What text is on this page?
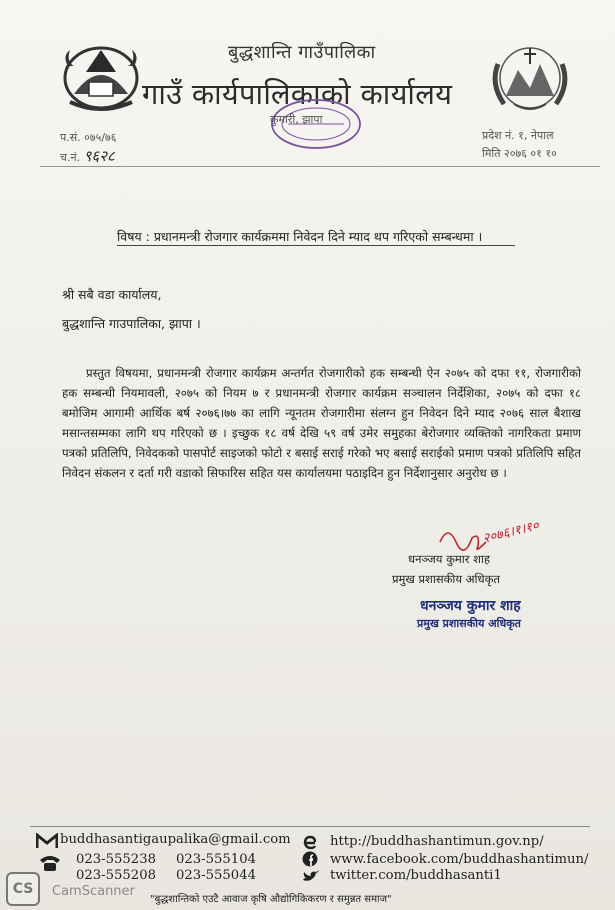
बुद्धशान्ति गाउँपालिका
गाउँ कार्यपालिकाको कार्यालय
कुमारी, झापा
प.सं. ०७५/७६
च.नं. ९६२८
प्रदेश नं. १, नेपाल
मिति २०७६ ०१ १०
विषय : प्रधानमन्त्री रोजगार कार्यक्रममा निवेदन दिने म्याद थप गरिएको सम्बन्धमा ।
श्री सबै वडा कार्यालय,
बुद्धशान्ति गाउपालिका, झापा ।
प्रस्तुत विषयमा, प्रधानमन्त्री रोजगार कार्यक्रम अन्तर्गत रोजगारीको हक सम्बन्धी ऐन २०७५ को दफा ११, रोजगारीको हक सम्बन्धी नियमावली, २०७५ को नियम ७ र प्रधानमन्त्री रोजगार कार्यक्रम सञ्चालन निर्देशिका, २०७५ को दफा १८ बमोजिम आगामी आर्थिक बर्ष २०७६।७७ का लागि न्यूनतम रोजगारीमा संलग्न हुन निवेदन दिने म्याद २०७६ साल बैशाख मसान्तसम्मका लागि थप गरिएको छ । इच्छुक १८ वर्ष देखि ५९ वर्ष उमेर समुहका बेरोजगार व्यक्तिको नागरिकता प्रमाण पत्रको प्रतिलिपि, निवेदकको पासपोर्ट साइजको फोटो र बसाई सराई गरेको भए बसाई सराईको प्रमाण पत्रको प्रतिलिपि सहित निवेदन संकलन र दर्ता गरी वडाको सिफारिस सहित यस कार्यालयमा पठाइदिन हुन निर्देशानुसार अनुरोध छ ।
२०७६।१।१०
धनञ्जय कुमार शाह
प्रमुख प्रशासकीय अधिकृत
धनञ्जय कुमार शाह
प्रमुख प्रशासकीय अधिकृत
buddhasantigaupalika@gmail.com
023-555238 023-555104
023-555208 023-555044
http://buddhashantimun.gov.np/
www.facebook.com/buddhashantimun/
twitter.com/buddhasanti1
CS	CamScanner
"बुद्धशान्तिको एउटै आवाज कृषि औद्योगिकिकरण र समुन्नत समाज"
